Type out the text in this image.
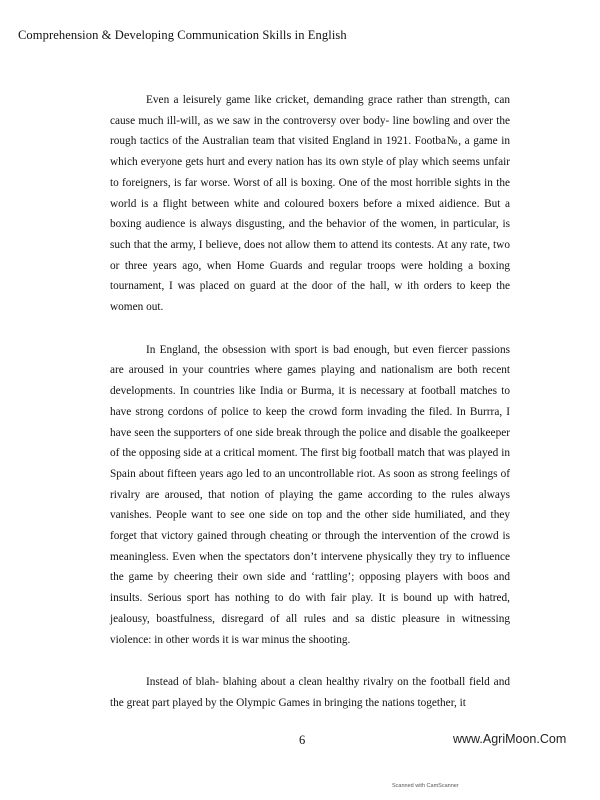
Comprehension & Developing Communication Skills in English

Even a leisurely game like cricket, demanding grace rather than strength, can cause much ill-will, as we saw in the controversy over body- line bowling and over the rough tactics of the Australian team that visited England in 1921. Footba№, a game in which everyone gets hurt and every nation has its own style of play which seems unfair to foreigners, is far worse. Worst of all is boxing. One of the most horrible sights in the world is a flight between white and coloured boxers before a mixed aidience. But a boxing audience is always disgusting, and the behavior of the women, in particular, is such that the army, I believe, does not allow them to attend its contests. At any rate, two or three years ago, when Home Guards and regular troops were holding a boxing tournament, I was placed on guard at the door of the hall, w ith orders to keep the women out.

In England, the obsession with sport is bad enough, but even fiercer passions are aroused in your countries where games playing and nationalism are both recent developments. In countries like India or Burma, it is necessary at football matches to have strong cordons of police to keep the crowd form invading the filed. In Burrra, I have seen the supporters of one side break through the police and disable the goalkeeper of the opposing side at a critical moment. The first big football match that was played in Spain about fifteen years ago led to an uncontrollable riot. As soon as strong feelings of rivalry are aroused, that notion of playing the game according to the rules always vanishes. People want to see one side on top and the other side humiliated, and they forget that victory gained through cheating or through the intervention of the crowd is meaningless. Even when the spectators don’t intervene physically they try to influence the game by cheering their own side and ‘rattling’; opposing players with boos and insults. Serious sport has nothing to do with fair play. It is bound up with hatred, jealousy, boastfulness, disregard of all rules and sa distic pleasure in witnessing violence: in other words it is war minus the shooting.

Instead of blah- blahing about a clean healthy rivalry on the football field and the great part played by the Olympic Games in bringing the nations together, it

6	www.AgriMoon.Com
Scanned with CamScanner
